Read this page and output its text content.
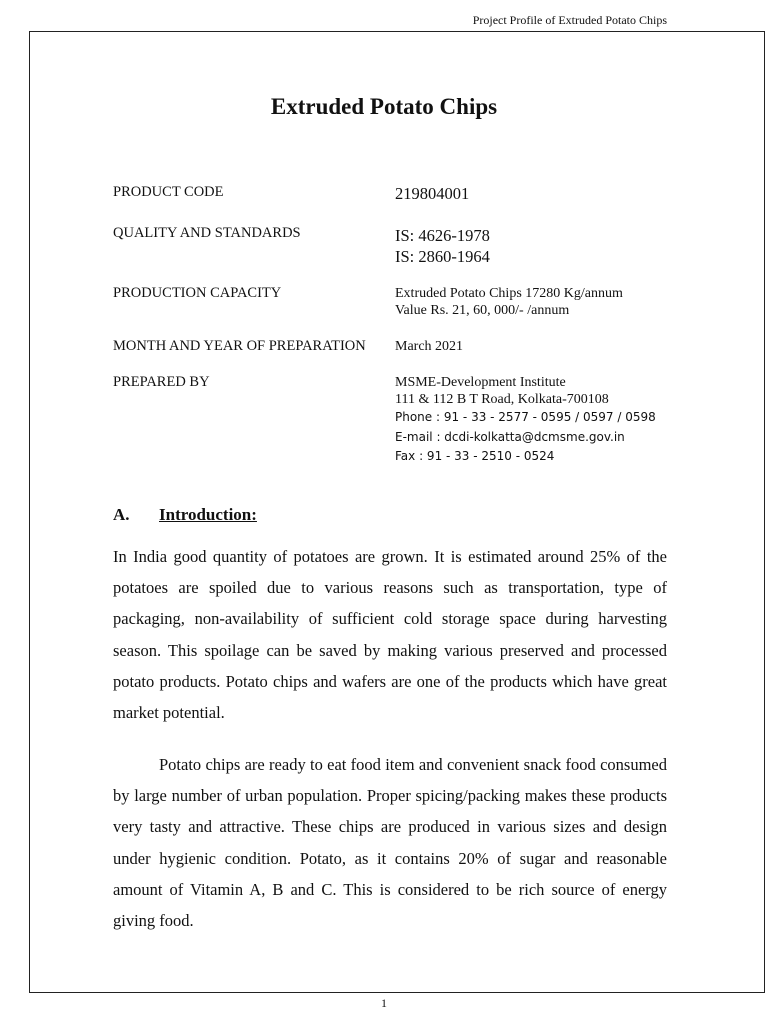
Project Profile of Extruded Potato Chips
Extruded Potato Chips
PRODUCT CODE	219804001
QUALITY AND STANDARDS	IS: 4626-1978
IS: 2860-1964
PRODUCTION CAPACITY	Extruded Potato Chips 17280 Kg/annum
Value Rs. 21, 60, 000/- /annum
MONTH AND YEAR OF PREPARATION March 2021
PREPARED BY	MSME-Development Institute
111 & 112 B T Road, Kolkata-700108
Phone : 91 - 33 - 2577 - 0595 / 0597 / 0598
E-mail : dcdi-kolkatta@dcmsme.gov.in
Fax : 91 - 33 - 2510 - 0524
A. Introduction:

In India good quantity of potatoes are grown. It is estimated around 25% of the potatoes are spoiled due to various reasons such as transportation, type of packaging, non-availability of sufficient cold storage space during harvesting season. This spoilage can be saved by making various preserved and processed potato products. Potato chips and wafers are one of the products which have great market potential.

Potato chips are ready to eat food item and convenient snack food consumed by large number of urban population. Proper spicing/packing makes these products very tasty and attractive. These chips are produced in various sizes and design under hygienic condition. Potato, as it contains 20% of sugar and reasonable amount of Vitamin A, B and C. This is considered to be rich source of energy giving food.

1
